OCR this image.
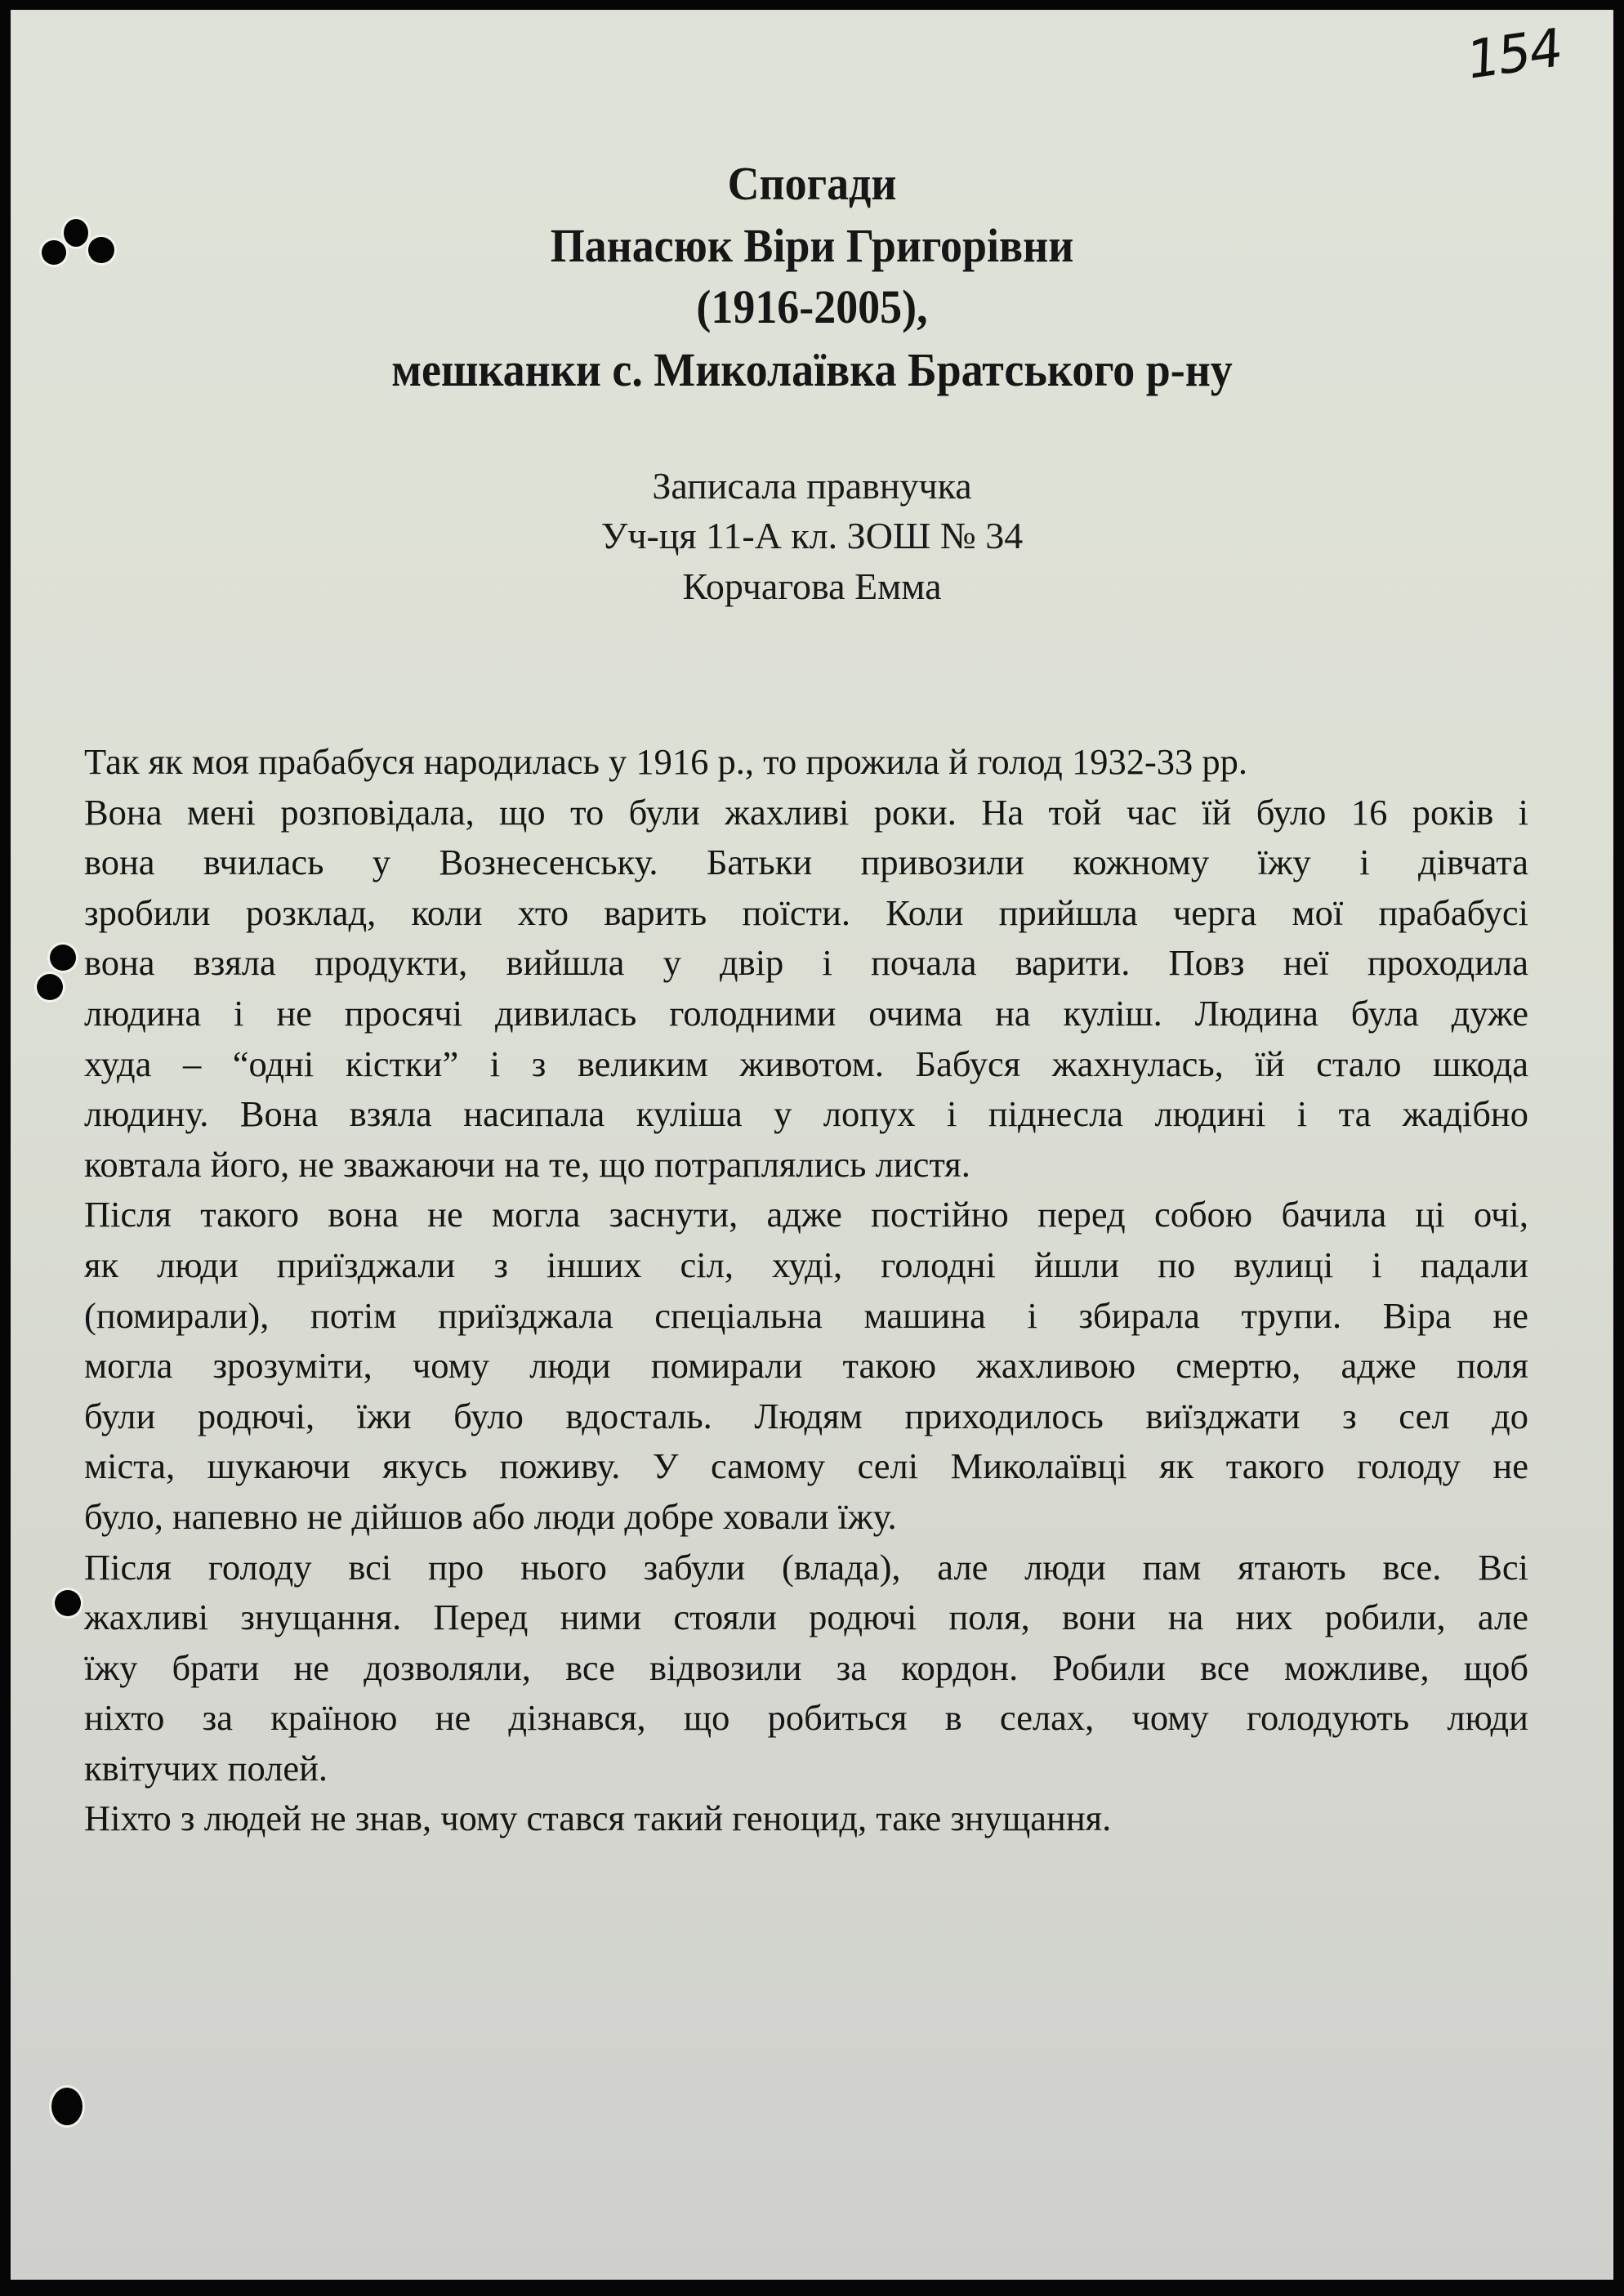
154
Спогади
Панасюк Віри Григорівни
(1916-2005),
мешканки с. Миколаївка Братського р-ну
Записала правнучка
Уч-ця 11-А кл. ЗОШ № 34
Корчагова Емма
Так як моя прабабуся народилась у 1916 р., то прожила й голод 1932-33 рр.
Вона мені розповідала, що то були жахливі роки. На той час їй було 16 років і
вона вчилась у Вознесенську. Батьки привозили кожному їжу і дівчата
зробили розклад, коли хто варить поїсти. Коли прийшла черга мої прабабусі
вона взяла продукти, вийшла у двір і почала варити. Повз неї проходила
людина і не просячі дивилась голодними очима на куліш. Людина була дуже
худа – “одні кістки” і з великим животом. Бабуся жахнулась, їй стало шкода
людину. Вона взяла насипала куліша у лопух і піднесла людині і та жадібно
ковтала його, не зважаючи на те, що потраплялись листя.
Після такого вона не могла заснути, адже постійно перед собою бачила ці очі,
як люди приїзджали з інших сіл, худі, голодні йшли по вулиці і падали
(помирали), потім приїзджала спеціальна машина і збирала трупи. Віра не
могла зрозуміти, чому люди помирали такою жахливою смертю, адже поля
були родючі, їжи було вдосталь. Людям приходилось виїзджати з сел до
міста, шукаючи якусь поживу. У самому селі Миколаївці як такого голоду не
було, напевно не дійшов або люди добре ховали їжу.
Після голоду всі про нього забули (влада), але люди пам ятають все. Всі
жахливі знущання. Перед ними стояли родючі поля, вони на них робили, але
їжу брати не дозволяли, все відвозили за кордон. Робили все можливе, щоб
ніхто за країною не дізнався, що робиться в селах, чому голодують люди
квітучих полей.
Ніхто з людей не знав, чому стався такий геноцид, таке знущання.
